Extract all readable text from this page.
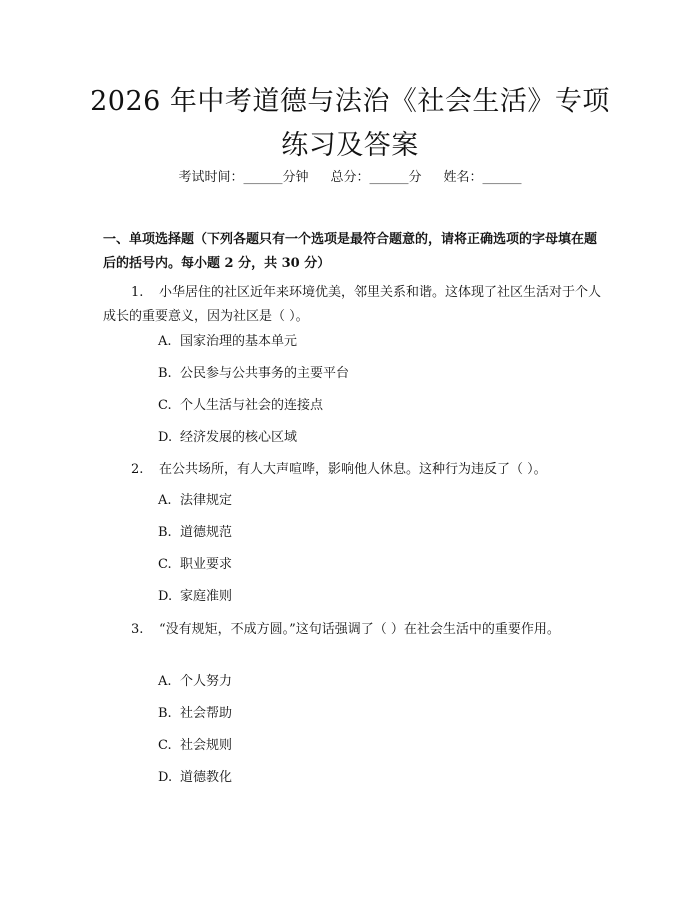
2026 年中考道德与法治《社会生活》专项练习及答案
考试时间：______分钟 总分：______分 姓名：______
一、单项选择题（下列各题只有一个选项是最符合题意的，请将正确选项的字母填在题后的括号内。每小题 2 分，共 30 分）
1. 小华居住的社区近年来环境优美，邻里关系和谐。这体现了社区生活对于个人成长的重要意义，因为社区是（ ）。
A. 国家治理的基本单元
B. 公民参与公共事务的主要平台
C. 个人生活与社会的连接点
D. 经济发展的核心区域
2. 在公共场所，有人大声喧哗，影响他人休息。这种行为违反了（ ）。
A. 法律规定
B. 道德规范
C. 职业要求
D. 家庭准则
3. “没有规矩，不成方圆。”这句话强调了（ ）在社会生活中的重要作用。
A. 个人努力
B. 社会帮助
C. 社会规则
D. 道德教化
